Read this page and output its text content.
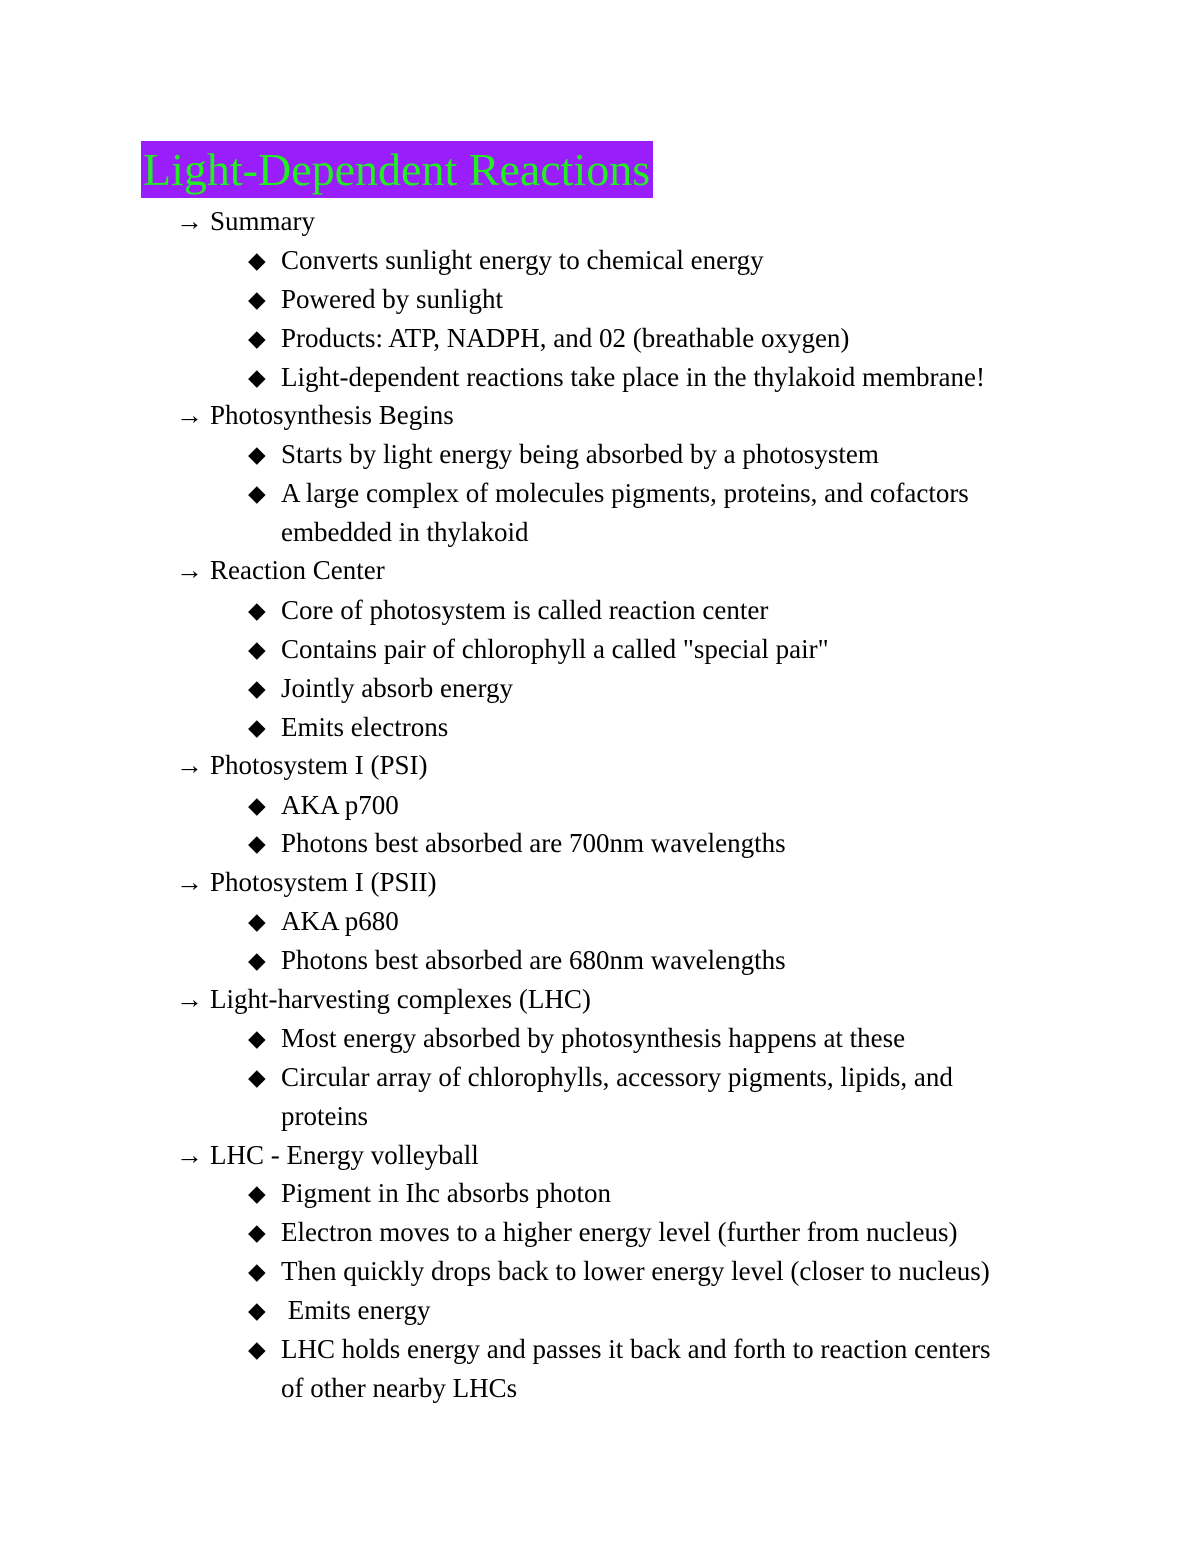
Light-Dependent Reactions
→ Summary
◆ Converts sunlight energy to chemical energy
◆ Powered by sunlight
◆ Products: ATP, NADPH, and 02 (breathable oxygen)
◆ Light-dependent reactions take place in the thylakoid membrane!
→ Photosynthesis Begins
◆ Starts by light energy being absorbed by a photosystem
◆ A large complex of molecules pigments, proteins, and cofactors
embedded in thylakoid
→ Reaction Center
◆ Core of photosystem is called reaction center
◆ Contains pair of chlorophyll a called "special pair"
◆ Jointly absorb energy
◆ Emits electrons
→ Photosystem I (PSI)
◆ AKA p700
◆ Photons best absorbed are 700nm wavelengths
→ Photosystem I (PSII)
◆ AKA p680
◆ Photons best absorbed are 680nm wavelengths
→ Light-harvesting complexes (LHC)
◆ Most energy absorbed by photosynthesis happens at these
◆ Circular array of chlorophylls, accessory pigments, lipids, and
proteins
→ LHC - Energy volleyball
◆ Pigment in Ihc absorbs photon
◆ Electron moves to a higher energy level (further from nucleus)
◆ Then quickly drops back to lower energy level (closer to nucleus)
◆ Emits energy
◆ LHC holds energy and passes it back and forth to reaction centers
of other nearby LHCs
